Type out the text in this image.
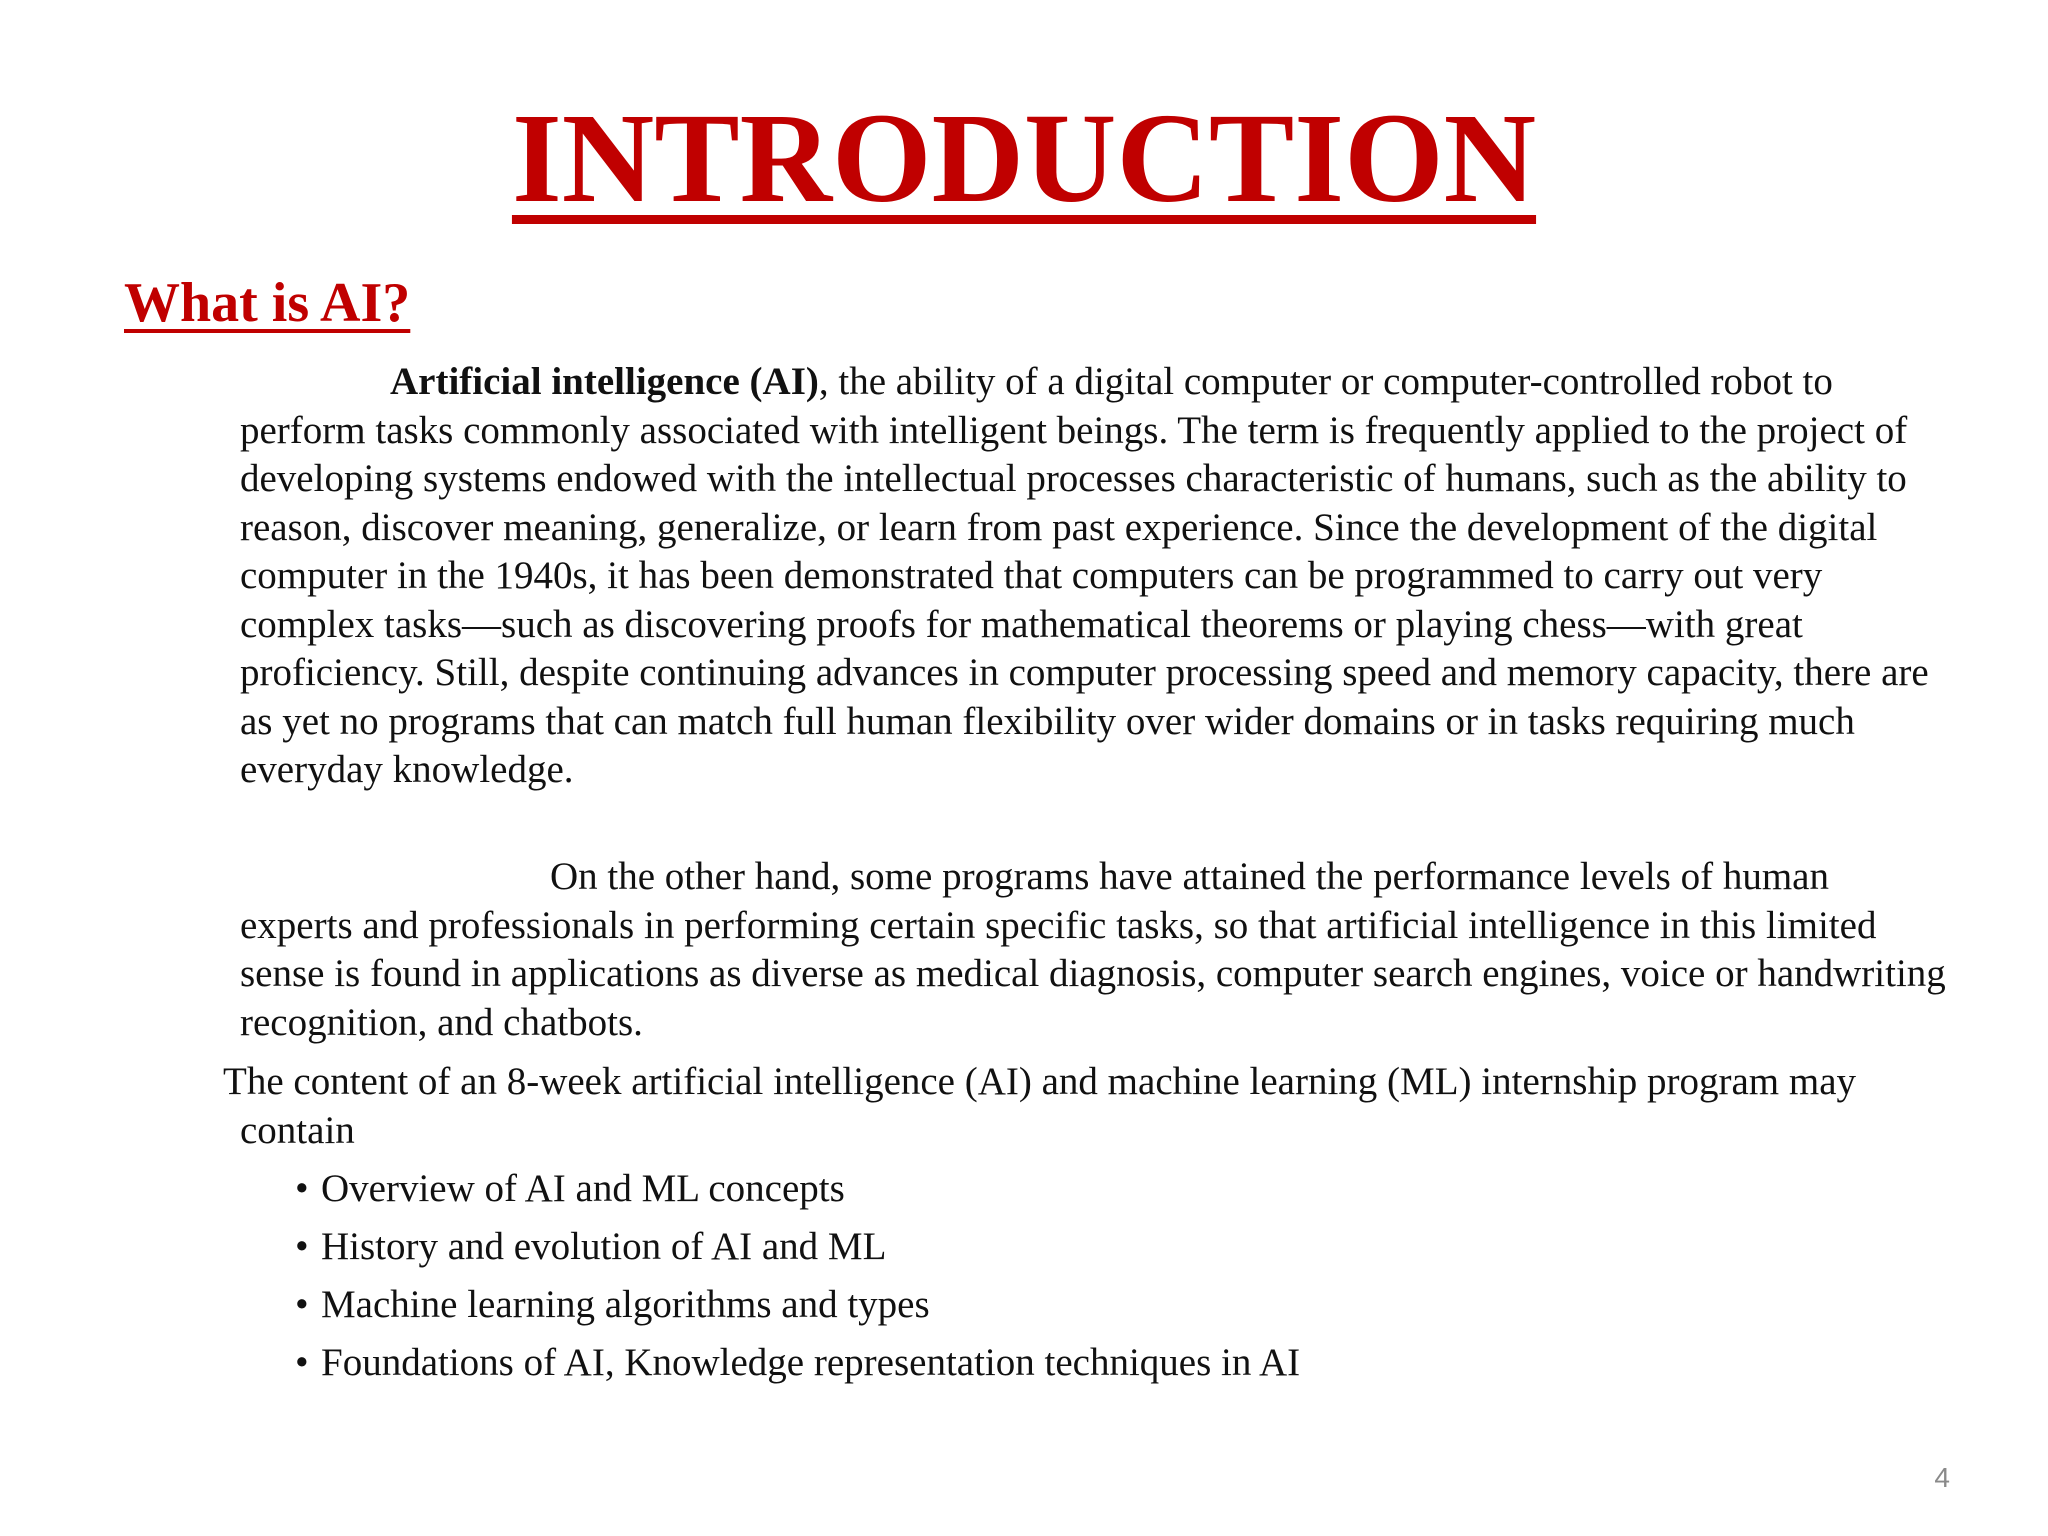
INTRODUCTION
What is AI?

Artificial intelligence (AI), the ability of a digital computer or computer-controlled robot to perform tasks commonly associated with intelligent beings. The term is frequently applied to the project of developing systems endowed with the intellectual processes characteristic of humans, such as the ability to reason, discover meaning, generalize, or learn from past experience. Since the development of the digital computer in the 1940s, it has been demonstrated that computers can be programmed to carry out very complex tasks—such as discovering proofs for mathematical theorems or playing chess—with great proficiency. Still, despite continuing advances in computer processing speed and memory capacity, there are as yet no programs that can match full human flexibility over wider domains or in tasks requiring much everyday knowledge.

On the other hand, some programs have attained the performance levels of human experts and professionals in performing certain specific tasks, so that artificial intelligence in this limited sense is found in applications as diverse as medical diagnosis, computer search engines, voice or handwriting recognition, and chatbots.

The content of an 8-week artificial intelligence (AI) and machine learning (ML) internship program may contain

• Overview of AI and ML concepts
• History and evolution of AI and ML
• Machine learning algorithms and types
• Foundations of AI, Knowledge representation techniques in AI
4
